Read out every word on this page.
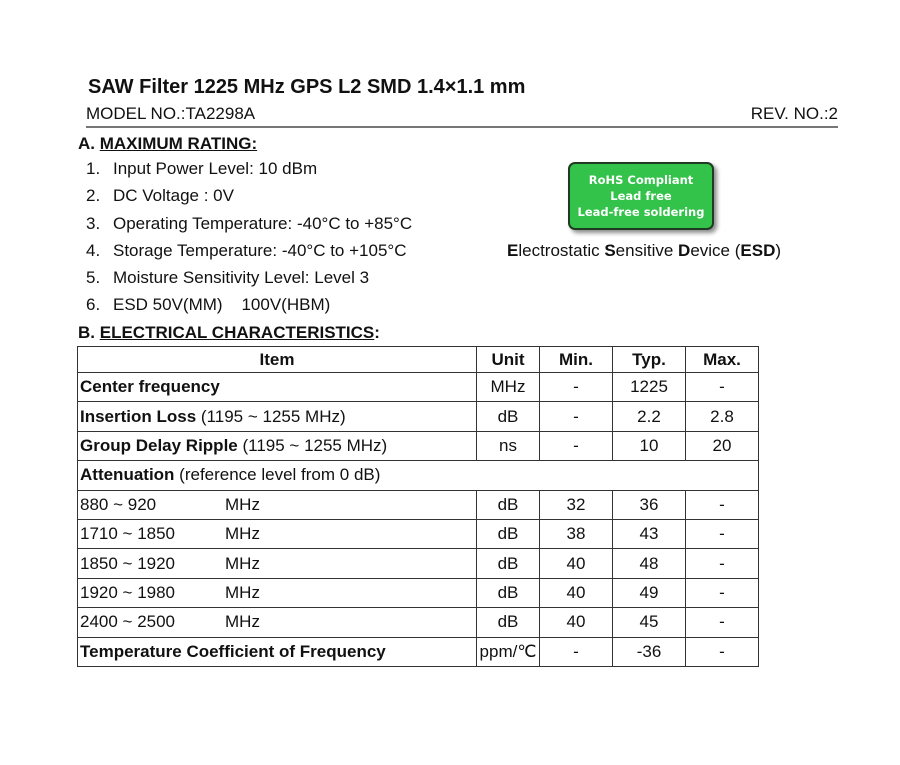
SAW Filter 1225 MHz GPS L2 SMD 1.4×1.1 mm
MODEL NO.:TA2298A	REV. NO.:2
A. MAXIMUM RATING:
1. Input Power Level: 10 dBm
2. DC Voltage : 0V
3. Operating Temperature: -40°C to +85°C
4. Storage Temperature: -40°C to +105°C
5. Moisture Sensitivity Level: Level 3
6. ESD 50V(MM)    100V(HBM)
RoHS Compliant
Lead free
Lead-free soldering
Electrostatic Sensitive Device (ESD)
B. ELECTRICAL CHARACTERISTICS:
Item	Unit	Min.	Typ.	Max.
Center frequency	MHz	-	1225	-
Insertion Loss (1195 ~ 1255 MHz)	dB	-	2.2	2.8
Group Delay Ripple (1195 ~ 1255 MHz)	ns	-	10	20
Attenuation (reference level from 0 dB)				
880 ~ 920 MHz	dB	32	36	-
1710 ~ 1850 MHz	dB	38	43	-
1850 ~ 1920 MHz	dB	40	48	-
1920 ~ 1980 MHz	dB	40	49	-
2400 ~ 2500 MHz	dB	40	45	-
Temperature Coefficient of Frequency	ppm/℃	-	-36	-
